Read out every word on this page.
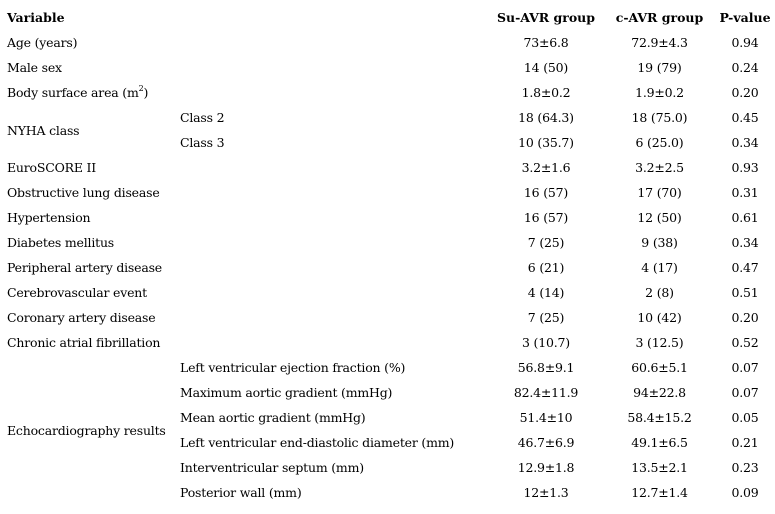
Variable		Su-AVR group	c-AVR group	P-value
Age (years)		73±6.8	72.9±4.3	0.94
Male sex		14 (50)	19 (79)	0.24
Body surface area $(m^2)$		1.8±0.2	1.9±0.2	0.20
NYHA class	Class 2	18 (64.3)	18 (75.0)	0.45
	Class 3	10 (35.7)	6 (25.0)	0.34
EuroSCORE II		3.2±1.6	3.2±2.5	0.93
Obstructive lung disease		16 (57)	17 (70)	0.31
Hypertension		16 (57)	12 (50)	0.61
Diabetes mellitus		7 (25)	9 (38)	0.34
Peripheral artery disease		6 (21)	4 (17)	0.47
Cerebrovascular event		4 (14)	2 (8)	0.51
Coronary artery disease		7 (25)	10 (42)	0.20
Chronic atrial fibrillation		3 (10.7)	3 (12.5)	0.52
Echocardiography results	Left ventricular ejection fraction (%)	56.8±9.1	60.6±5.1	0.07
	Maximum aortic gradient (mmHg)	82.4±11.9	94±22.8	0.07
	Mean aortic gradient (mmHg)	51.4±10	58.4±15.2	0.05
	Left ventricular end-diastolic diameter (mm)	46.7±6.9	49.1±6.5	0.21
	Interventricular septum (mm)	12.9±1.8	13.5±2.1	0.23
	Posterior wall (mm)	12±1.3	12.7±1.4	0.09
